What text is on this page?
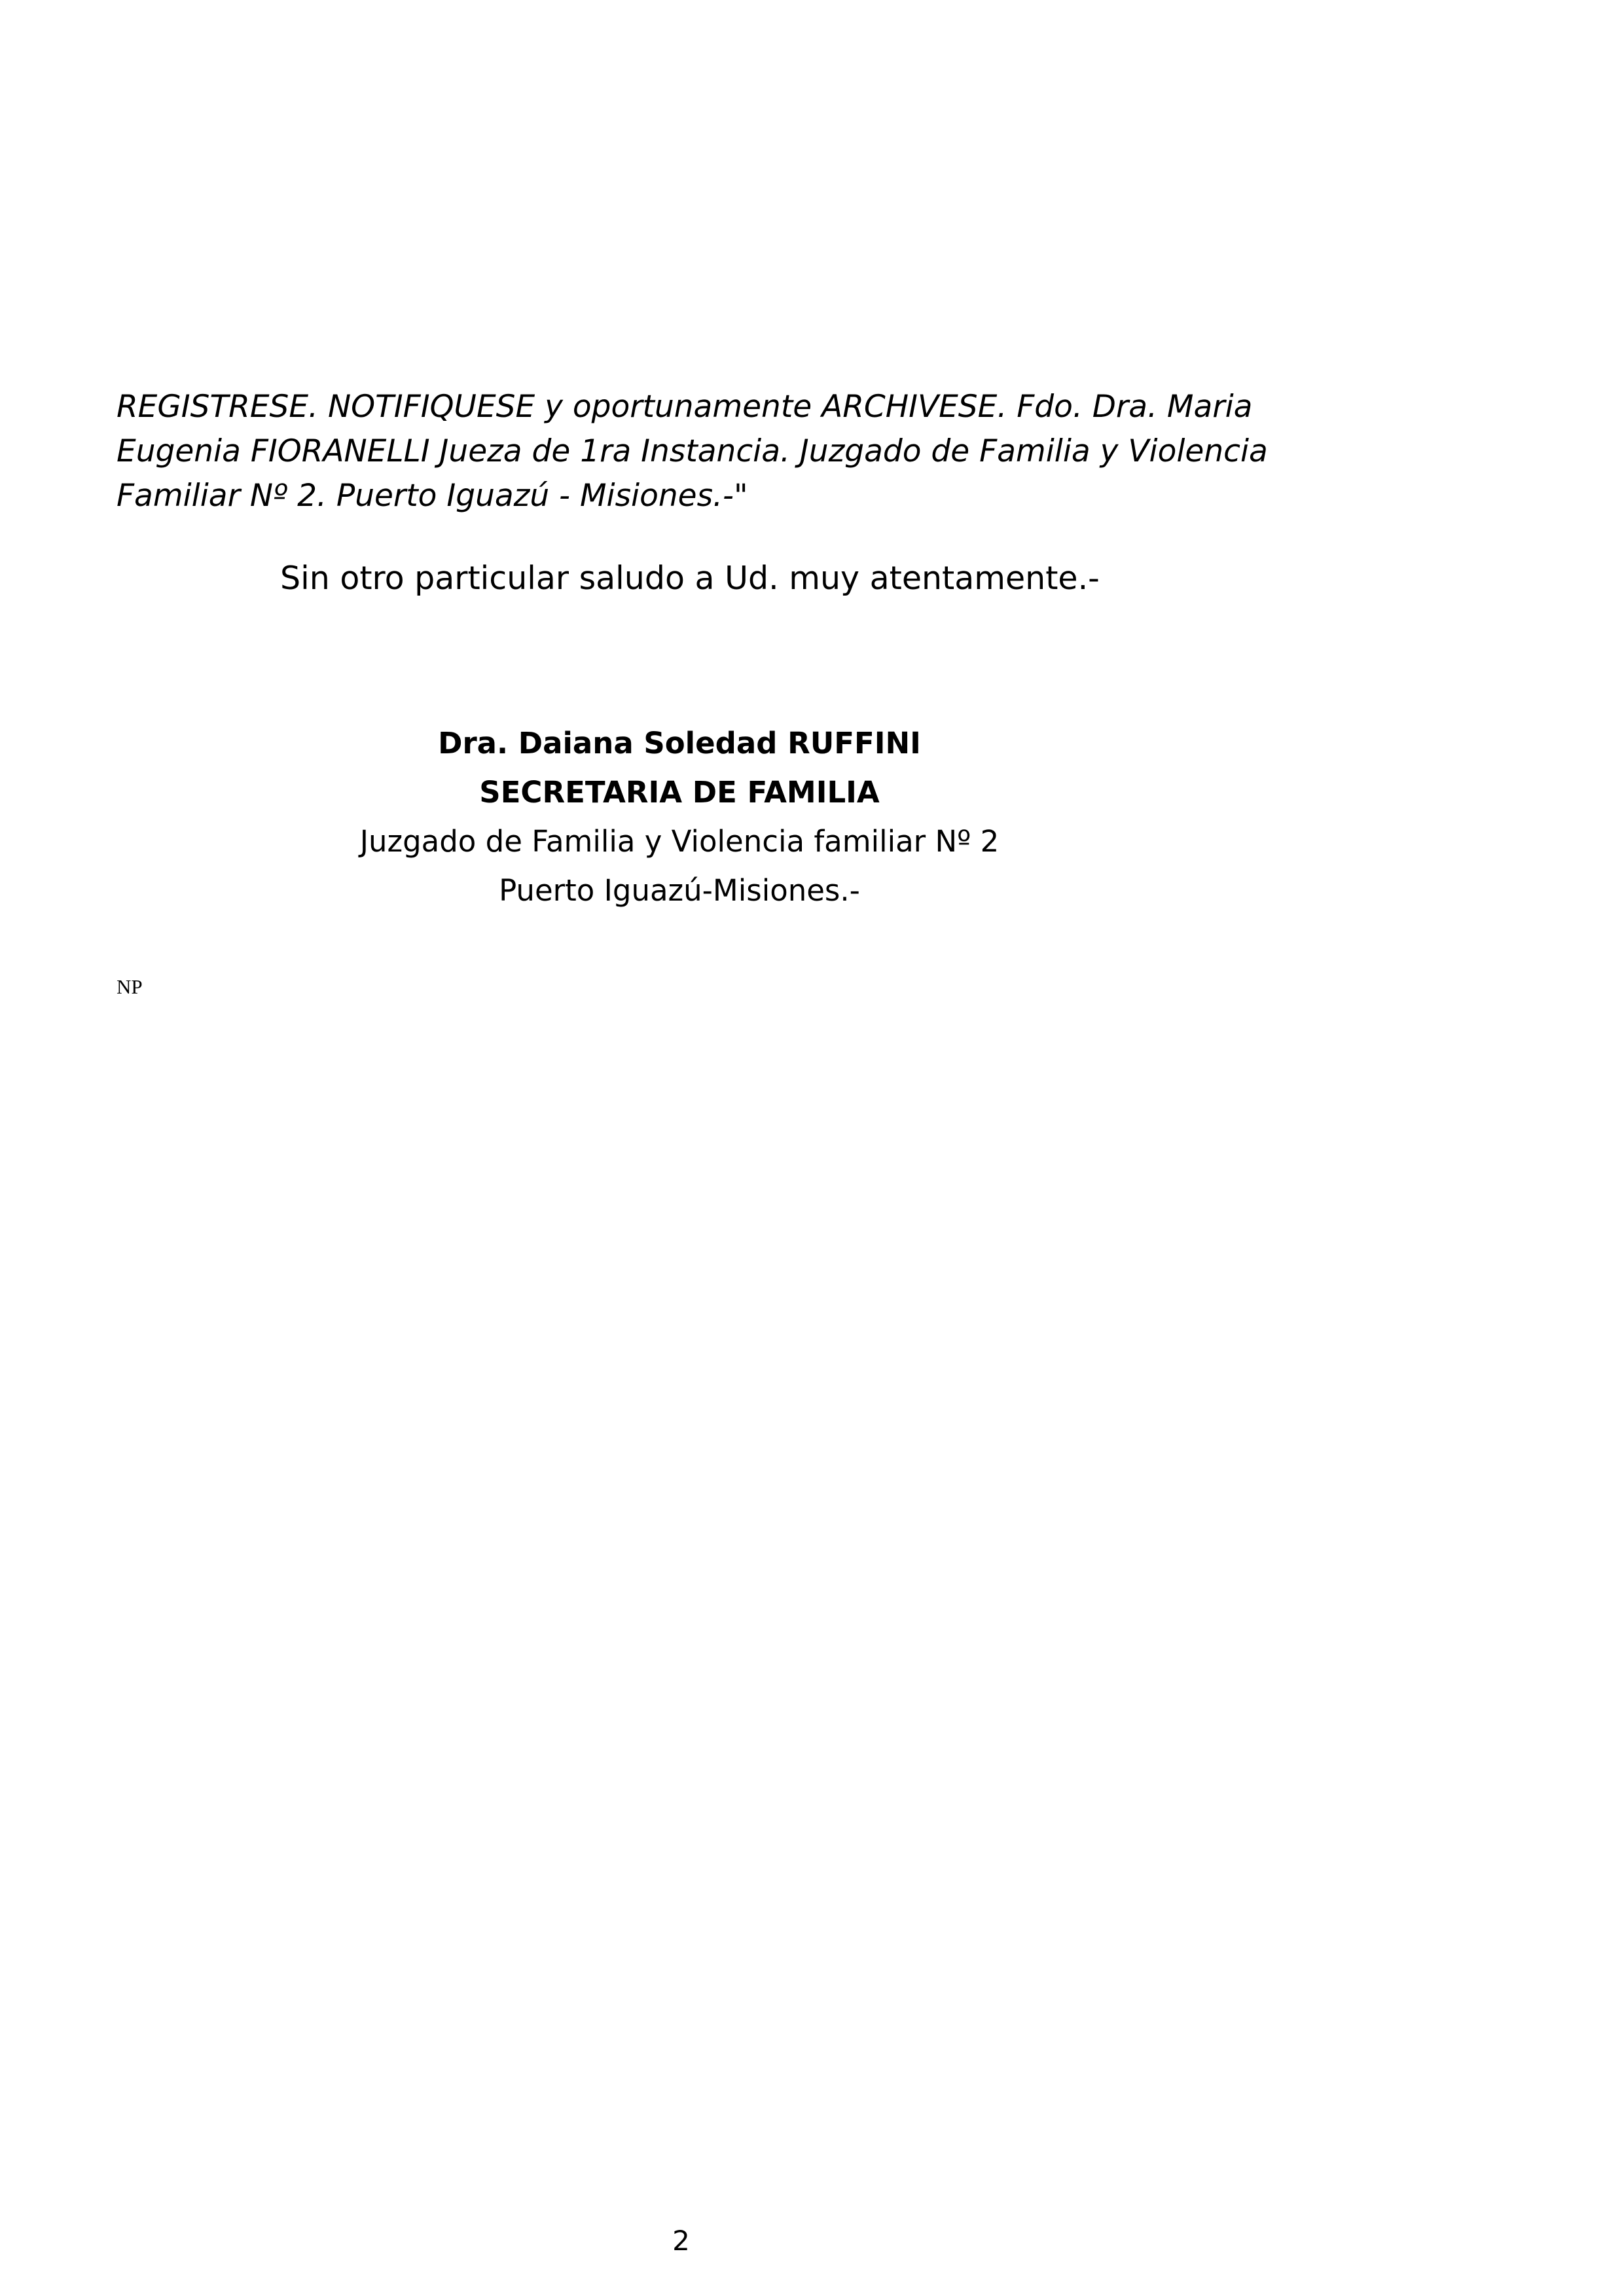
REGISTRESE. NOTIFIQUESE y oportunamente ARCHIVESE. Fdo. Dra. Maria
Eugenia FIORANELLI Jueza de 1ra Instancia. Juzgado de Familia y Violencia
Familiar Nº 2. Puerto Iguazú - Misiones.-"
Sin otro particular saludo a Ud. muy atentamente.-
Dra. Daiana Soledad RUFFINI
SECRETARIA DE FAMILIA
Juzgado de Familia y Violencia familiar Nº 2
Puerto Iguazú-Misiones.-
NP
2
